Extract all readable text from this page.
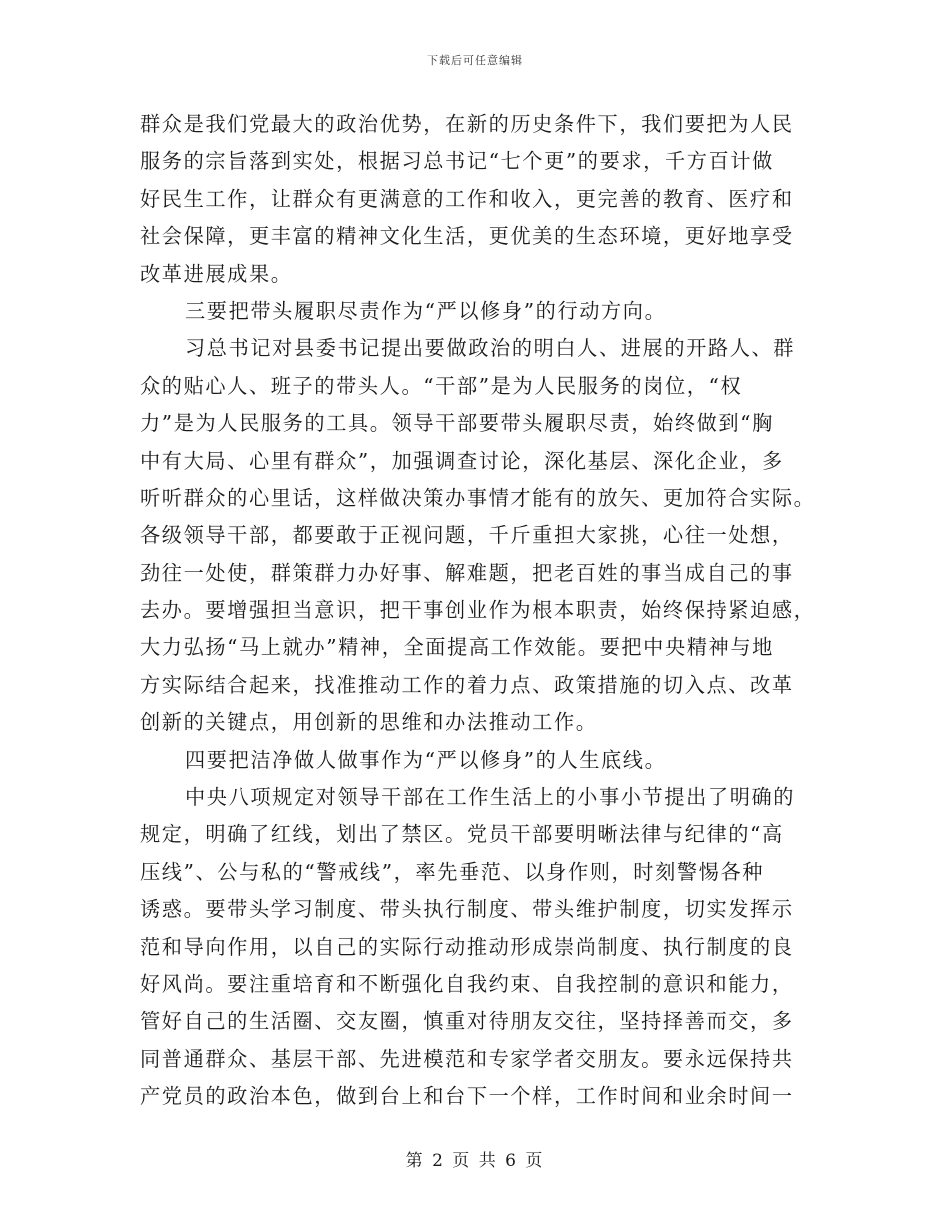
下载后可任意编辑
群众是我们党最大的政治优势，在新的历史条件下，我们要把为人民
服务的宗旨落到实处，根据习总书记“七个更”的要求，千方百计做
好民生工作，让群众有更满意的工作和收入，更完善的教育、医疗和
社会保障，更丰富的精神文化生活，更优美的生态环境，更好地享受
改革进展成果。
三要把带头履职尽责作为“严以修身”的行动方向。
习总书记对县委书记提出要做政治的明白人、进展的开路人、群
众的贴心人、班子的带头人。“干部”是为人民服务的岗位，“权
力”是为人民服务的工具。领导干部要带头履职尽责，始终做到“胸
中有大局、心里有群众”，加强调查讨论，深化基层、深化企业，多
听听群众的心里话，这样做决策办事情才能有的放矢、更加符合实际。
各级领导干部，都要敢于正视问题，千斤重担大家挑，心往一处想，
劲往一处使，群策群力办好事、解难题，把老百姓的事当成自己的事
去办。要增强担当意识，把干事创业作为根本职责，始终保持紧迫感，
大力弘扬“马上就办”精神，全面提高工作效能。要把中央精神与地
方实际结合起来，找准推动工作的着力点、政策措施的切入点、改革
创新的关键点，用创新的思维和办法推动工作。
四要把洁净做人做事作为“严以修身”的人生底线。
中央八项规定对领导干部在工作生活上的小事小节提出了明确的
规定，明确了红线，划出了禁区。党员干部要明晰法律与纪律的“高
压线”、公与私的“警戒线”，率先垂范、以身作则，时刻警惕各种
诱惑。要带头学习制度、带头执行制度、带头维护制度，切实发挥示
范和导向作用，以自己的实际行动推动形成崇尚制度、执行制度的良
好风尚。要注重培育和不断强化自我约束、自我控制的意识和能力，
管好自己的生活圈、交友圈，慎重对待朋友交往，坚持择善而交，多
同普通群众、基层干部、先进模范和专家学者交朋友。要永远保持共
产党员的政治本色，做到台上和台下一个样，工作时间和业余时间一
第 2 页 共 6 页
